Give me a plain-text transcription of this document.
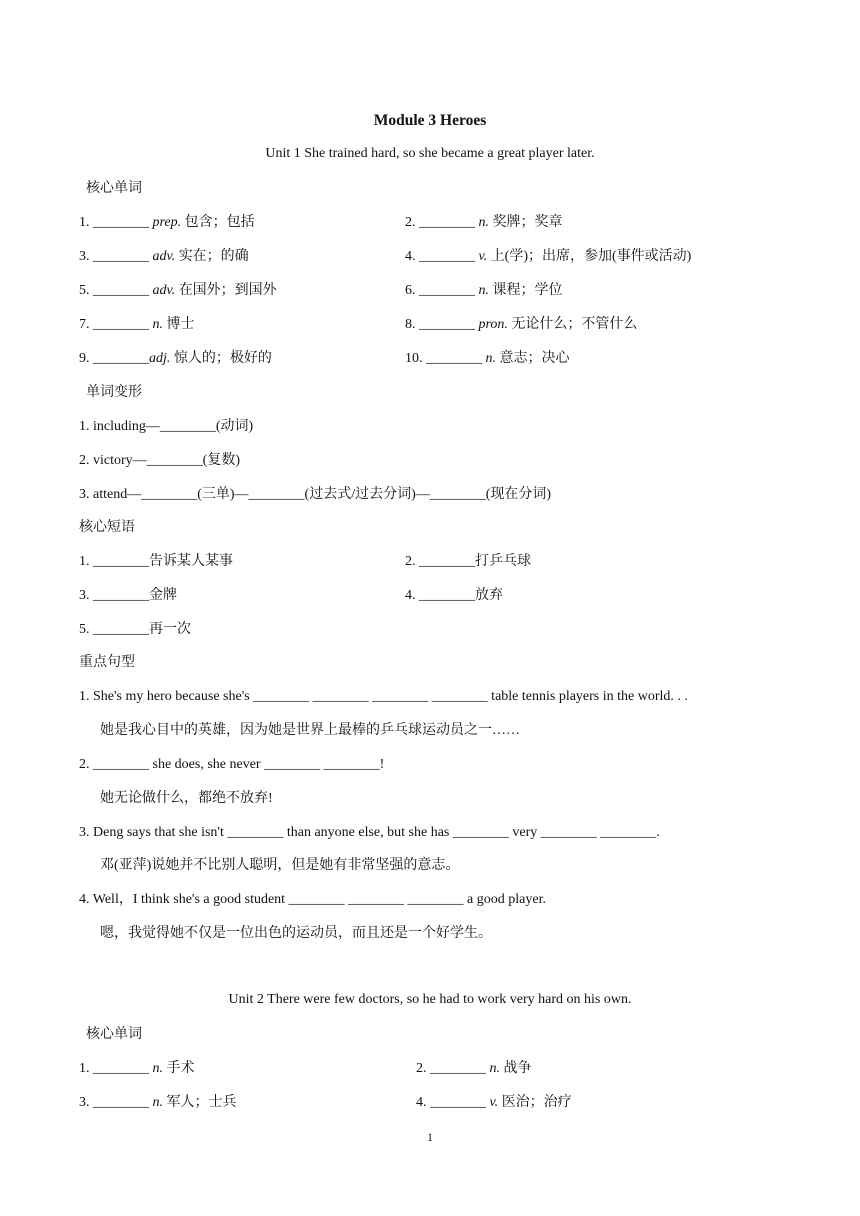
Module 3 Heroes
Unit 1 She trained hard, so she became a great player later.
核心单词
1. ________ prep. 包含；包括	2. ________ n. 奖牌；奖章
3. ________ adv. 实在；的确	4. ________ v. 上(学)；出席，参加(事件或活动)
5. ________ adv. 在国外；到国外	6. ________ n. 课程；学位
7. ________ n. 博士	8. ________ pron. 无论什么；不管什么
9. ________adj. 惊人的；极好的	10. ________ n. 意志；决心
单词变形
1. including—________(动词)
2. victory—________(复数)
3. attend—________(三单)—________(过去式/过去分词)—________(现在分词)
核心短语
1. ________告诉某人某事	2. ________打乒乓球
3. ________金牌	4. ________放弃
5. ________再一次
重点句型
1. She's my hero because she's ________ ________ ________ ________ table tennis players in the world. . .
她是我心目中的英雄，因为她是世界上最棒的乒乓球运动员之一……
2. ________ she does, she never ________ ________!
她无论做什么，都绝不放弃!
3. Deng says that she isn't ________ than anyone else, but she has ________ very ________ ________.
邓(亚萍)说她并不比别人聪明，但是她有非常坚强的意志。
4. Well，I think she's a good student ________ ________ ________ a good player.
嗯，我觉得她不仅是一位出色的运动员，而且还是一个好学生。
Unit 2 There were few doctors, so he had to work very hard on his own.
核心单词
1. ________ n. 手术	2. ________ n. 战争
3. ________ n. 军人；士兵	4. ________ v. 医治；治疗
1
